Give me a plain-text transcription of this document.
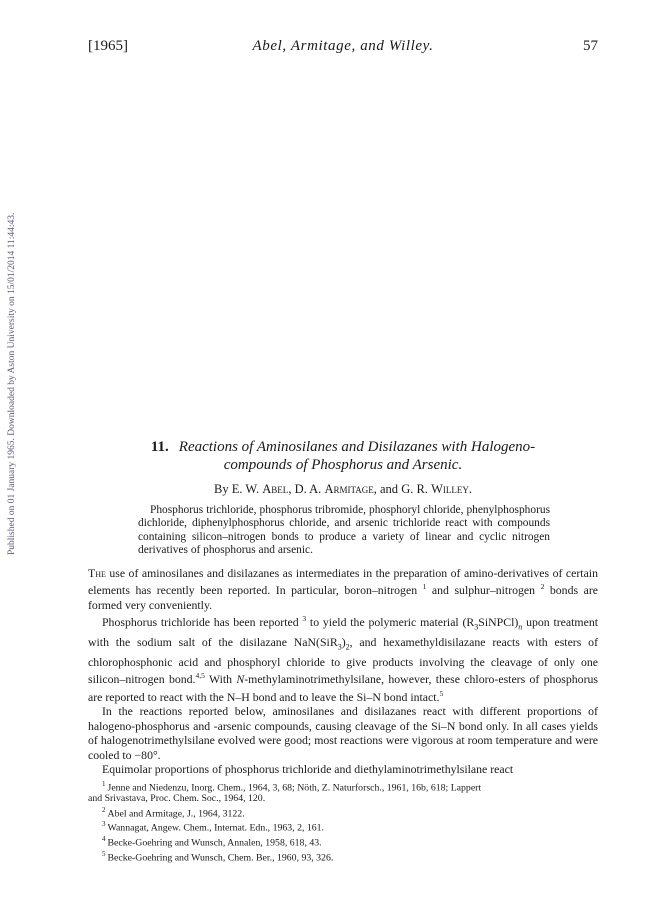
[1965]	Abel, Armitage, and Willey.	57
Published on 01 January 1965. Downloaded by Aston University on 15/01/2014 11:44:43.	11. Reactions of Aminosilanes and Disilazanes with Halogeno-
compounds of Phosphorus and Arsenic.
By E. W. Abel, D. A. Armitage, and G. R. Willey.

Phosphorus trichloride, phosphorus tribromide, phosphoryl chloride, phenylphosphorus dichloride, diphenylphosphorus chloride, and arsenic trichloride react with compounds containing silicon–nitrogen bonds to produce a variety of linear and cyclic nitrogen derivatives of phosphorus and arsenic.

The use of aminosilanes and disilazanes as intermediates in the preparation of amino-derivatives of certain elements has recently been reported. In particular, boron–nitrogen $^1$ and sulphur–nitrogen $^2$ bonds are formed very conveniently.

Phosphorus trichloride has been reported $^3$ to yield the polymeric material $(R_3SiNPCl)_n$ upon treatment with the sodium salt of the disilazane $NaN(SiR_3)_2$, and hexamethyldisilazane reacts with esters of chlorophosphonic acid and phosphoryl chloride to give products involving the cleavage of only one silicon–nitrogen bond.$^{4,5}$ With N-methylaminotrimethylsilane, however, these chloro-esters of phosphorus are reported to react with the N–H bond and to leave the Si–N bond intact.$^5$

In the reactions reported below, aminosilanes and disilazanes react with different proportions of halogeno-phosphorus and -arsenic compounds, causing cleavage of the Si–N bond only. In all cases yields of halogenotrimethylsilane evolved were good; most reactions were vigorous at room temperature and were cooled to −80°.

Equimolar proportions of phosphorus trichloride and diethylaminotrimethylsilane react

$^1$ Jenne and Niedenzu, Inorg. Chem., 1964, 3, 68; Nöth, Z. Naturforsch., 1961, 16b, 618; Lappert

and Srivastava, Proc. Chem. Soc., 1964, 120.

$^2$ Abel and Armitage, J., 1964, 3122.

$^3$ Wannagat, Angew. Chem., Internat. Edn., 1963, 2, 161.

$^4$ Becke-Goehring and Wunsch, Annalen, 1958, 618, 43.

$^5$ Becke-Goehring and Wunsch, Chem. Ber., 1960, 93, 326.
